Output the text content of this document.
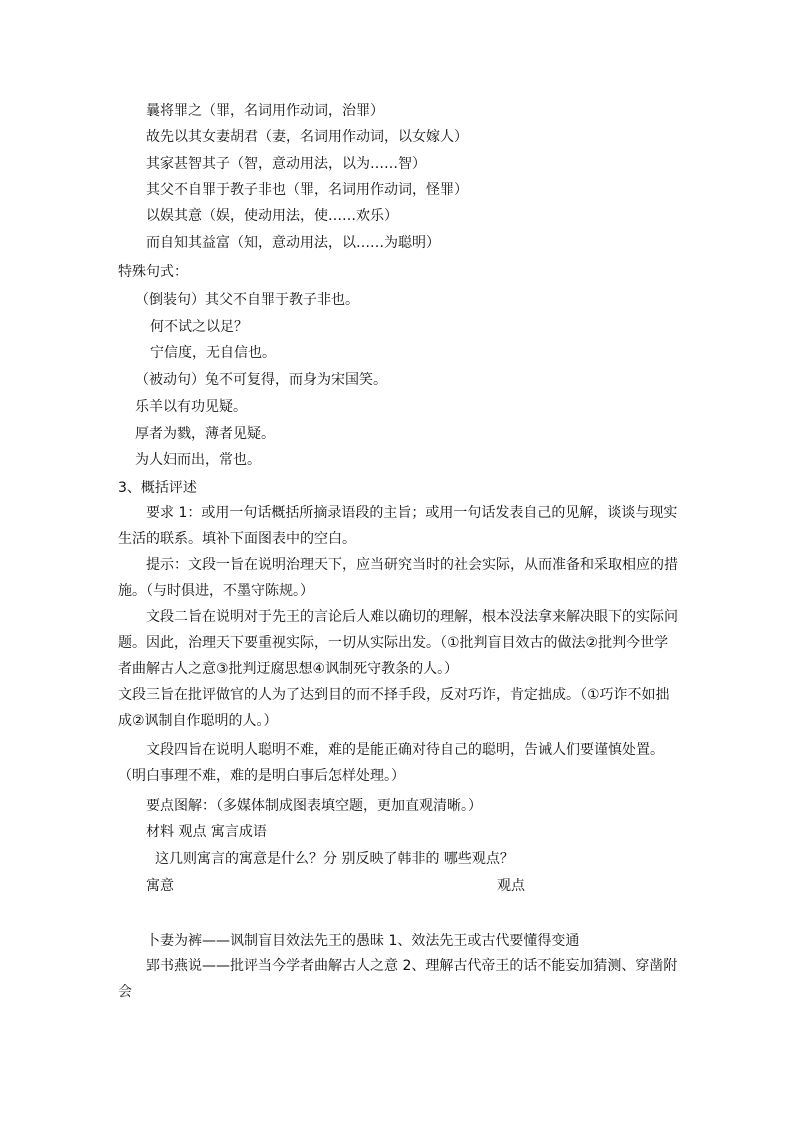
曩将罪之（罪，名词用作动词，治罪）
故先以其女妻胡君（妻，名词用作动词，以女嫁人）
其家甚智其子（智，意动用法，以为……智）
其父不自罪于教子非也（罪，名词用作动词，怪罪）
以娱其意（娱，使动用法，使……欢乐）
而自知其益富（知，意动用法，以……为聪明）
特殊句式：
（倒装句）其父不自罪于教子非也。
何不试之以足？
宁信度，无自信也。
（被动句）兔不可复得，而身为宋国笑。
乐羊以有功见疑。
厚者为戮，薄者见疑。
为人妇而出，常也。
3、概括评述
要求 1：或用一句话概括所摘录语段的主旨；或用一句话发表自己的见解，谈谈与现实生活的联系。填补下面图表中的空白。
提示：文段一旨在说明治理天下，应当研究当时的社会实际，从而准备和采取相应的措施。（与时俱进，不墨守陈规。）
文段二旨在说明对于先王的言论后人难以确切的理解，根本没法拿来解决眼下的实际问题。因此，治理天下要重视实际，一切从实际出发。（①批判盲目效古的做法②批判今世学者曲解古人之意③批判迂腐思想④讽制死守教条的人。）
文段三旨在批评做官的人为了达到目的而不择手段，反对巧诈，肯定拙成。（①巧诈不如拙成②讽制自作聪明的人。）
文段四旨在说明人聪明不难，难的是能正确对待自己的聪明，告诫人们要谨慎处置。（明白事理不难，难的是明白事后怎样处理。）
要点图解：（多媒体制成图表填空题，更加直观清晰。）
材料 观点 寓言成语
这几则寓言的寓意是什么？分 别反映了韩非的 哪些观点？
寓意	观点
卜妻为裤——讽制盲目效法先王的愚昧 1、效法先王或古代要懂得变通
郢书燕说——批评当今学者曲解古人之意 2、理解古代帝王的话不能妄加猜测、穿凿附会
